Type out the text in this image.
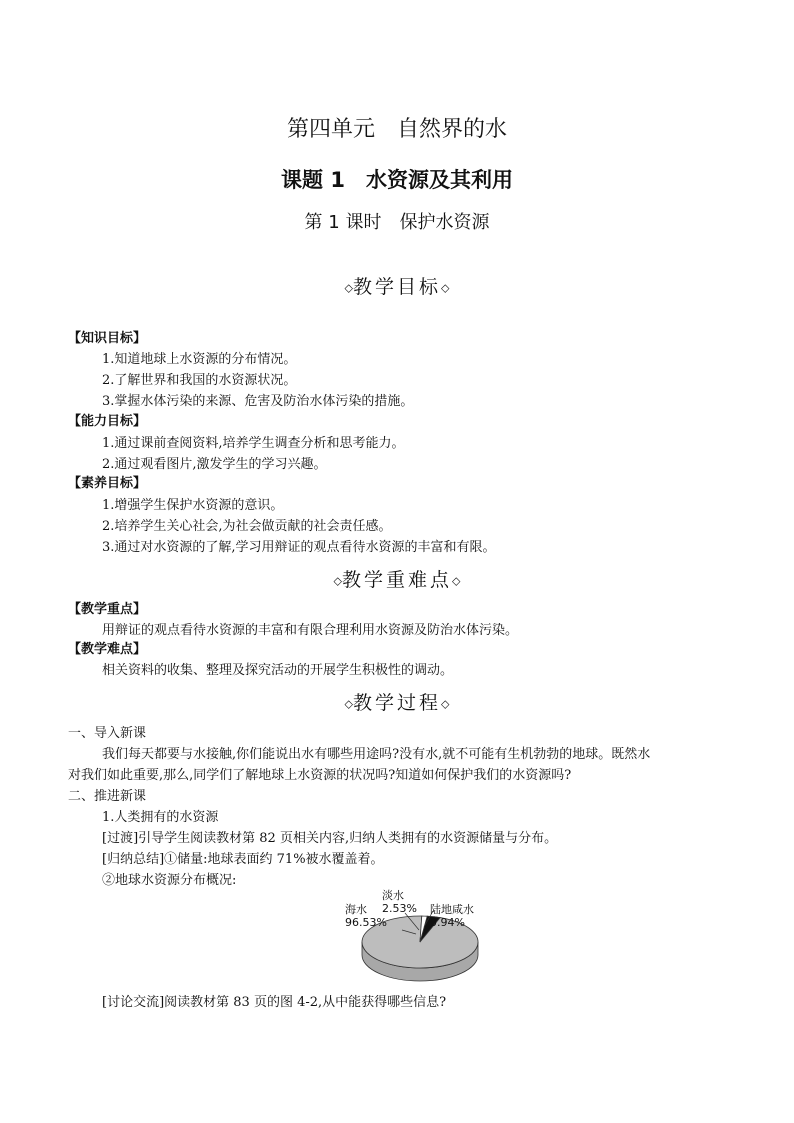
第四单元　自然界的水
课题 1　水资源及其利用
第 1 课时　保护水资源
◇教学目标◇
【知识目标】
1.知道地球上水资源的分布情况。
2.了解世界和我国的水资源状况。
3.掌握水体污染的来源、危害及防治水体污染的措施。
【能力目标】
1.通过课前查阅资料,培养学生调查分析和思考能力。
2.通过观看图片,激发学生的学习兴趣。
【素养目标】
1.增强学生保护水资源的意识。
2.培养学生关心社会,为社会做贡献的社会责任感。
3.通过对水资源的了解,学习用辩证的观点看待水资源的丰富和有限。
◇教学重难点◇
【教学重点】
用辩证的观点看待水资源的丰富和有限合理利用水资源及防治水体污染。
【教学难点】
相关资料的收集、整理及探究活动的开展学生积极性的调动。
◇教学过程◇
一、导入新课
我们每天都要与水接触,你们能说出水有哪些用途吗?没有水,就不可能有生机勃勃的地球。既然水
对我们如此重要,那么,同学们了解地球上水资源的状况吗?知道如何保护我们的水资源吗?
二、推进新课
1.人类拥有的水资源
[过渡]引导学生阅读教材第 82 页相关内容,归纳人类拥有的水资源储量与分布。
[归纳总结]①储量:地球表面约 71%被水覆盖着。
②地球水资源分布概况:
海水
96.53%
淡水
2.53% 陆地咸水
0.94%
[讨论交流]阅读教材第 83 页的图 4-2,从中能获得哪些信息?
